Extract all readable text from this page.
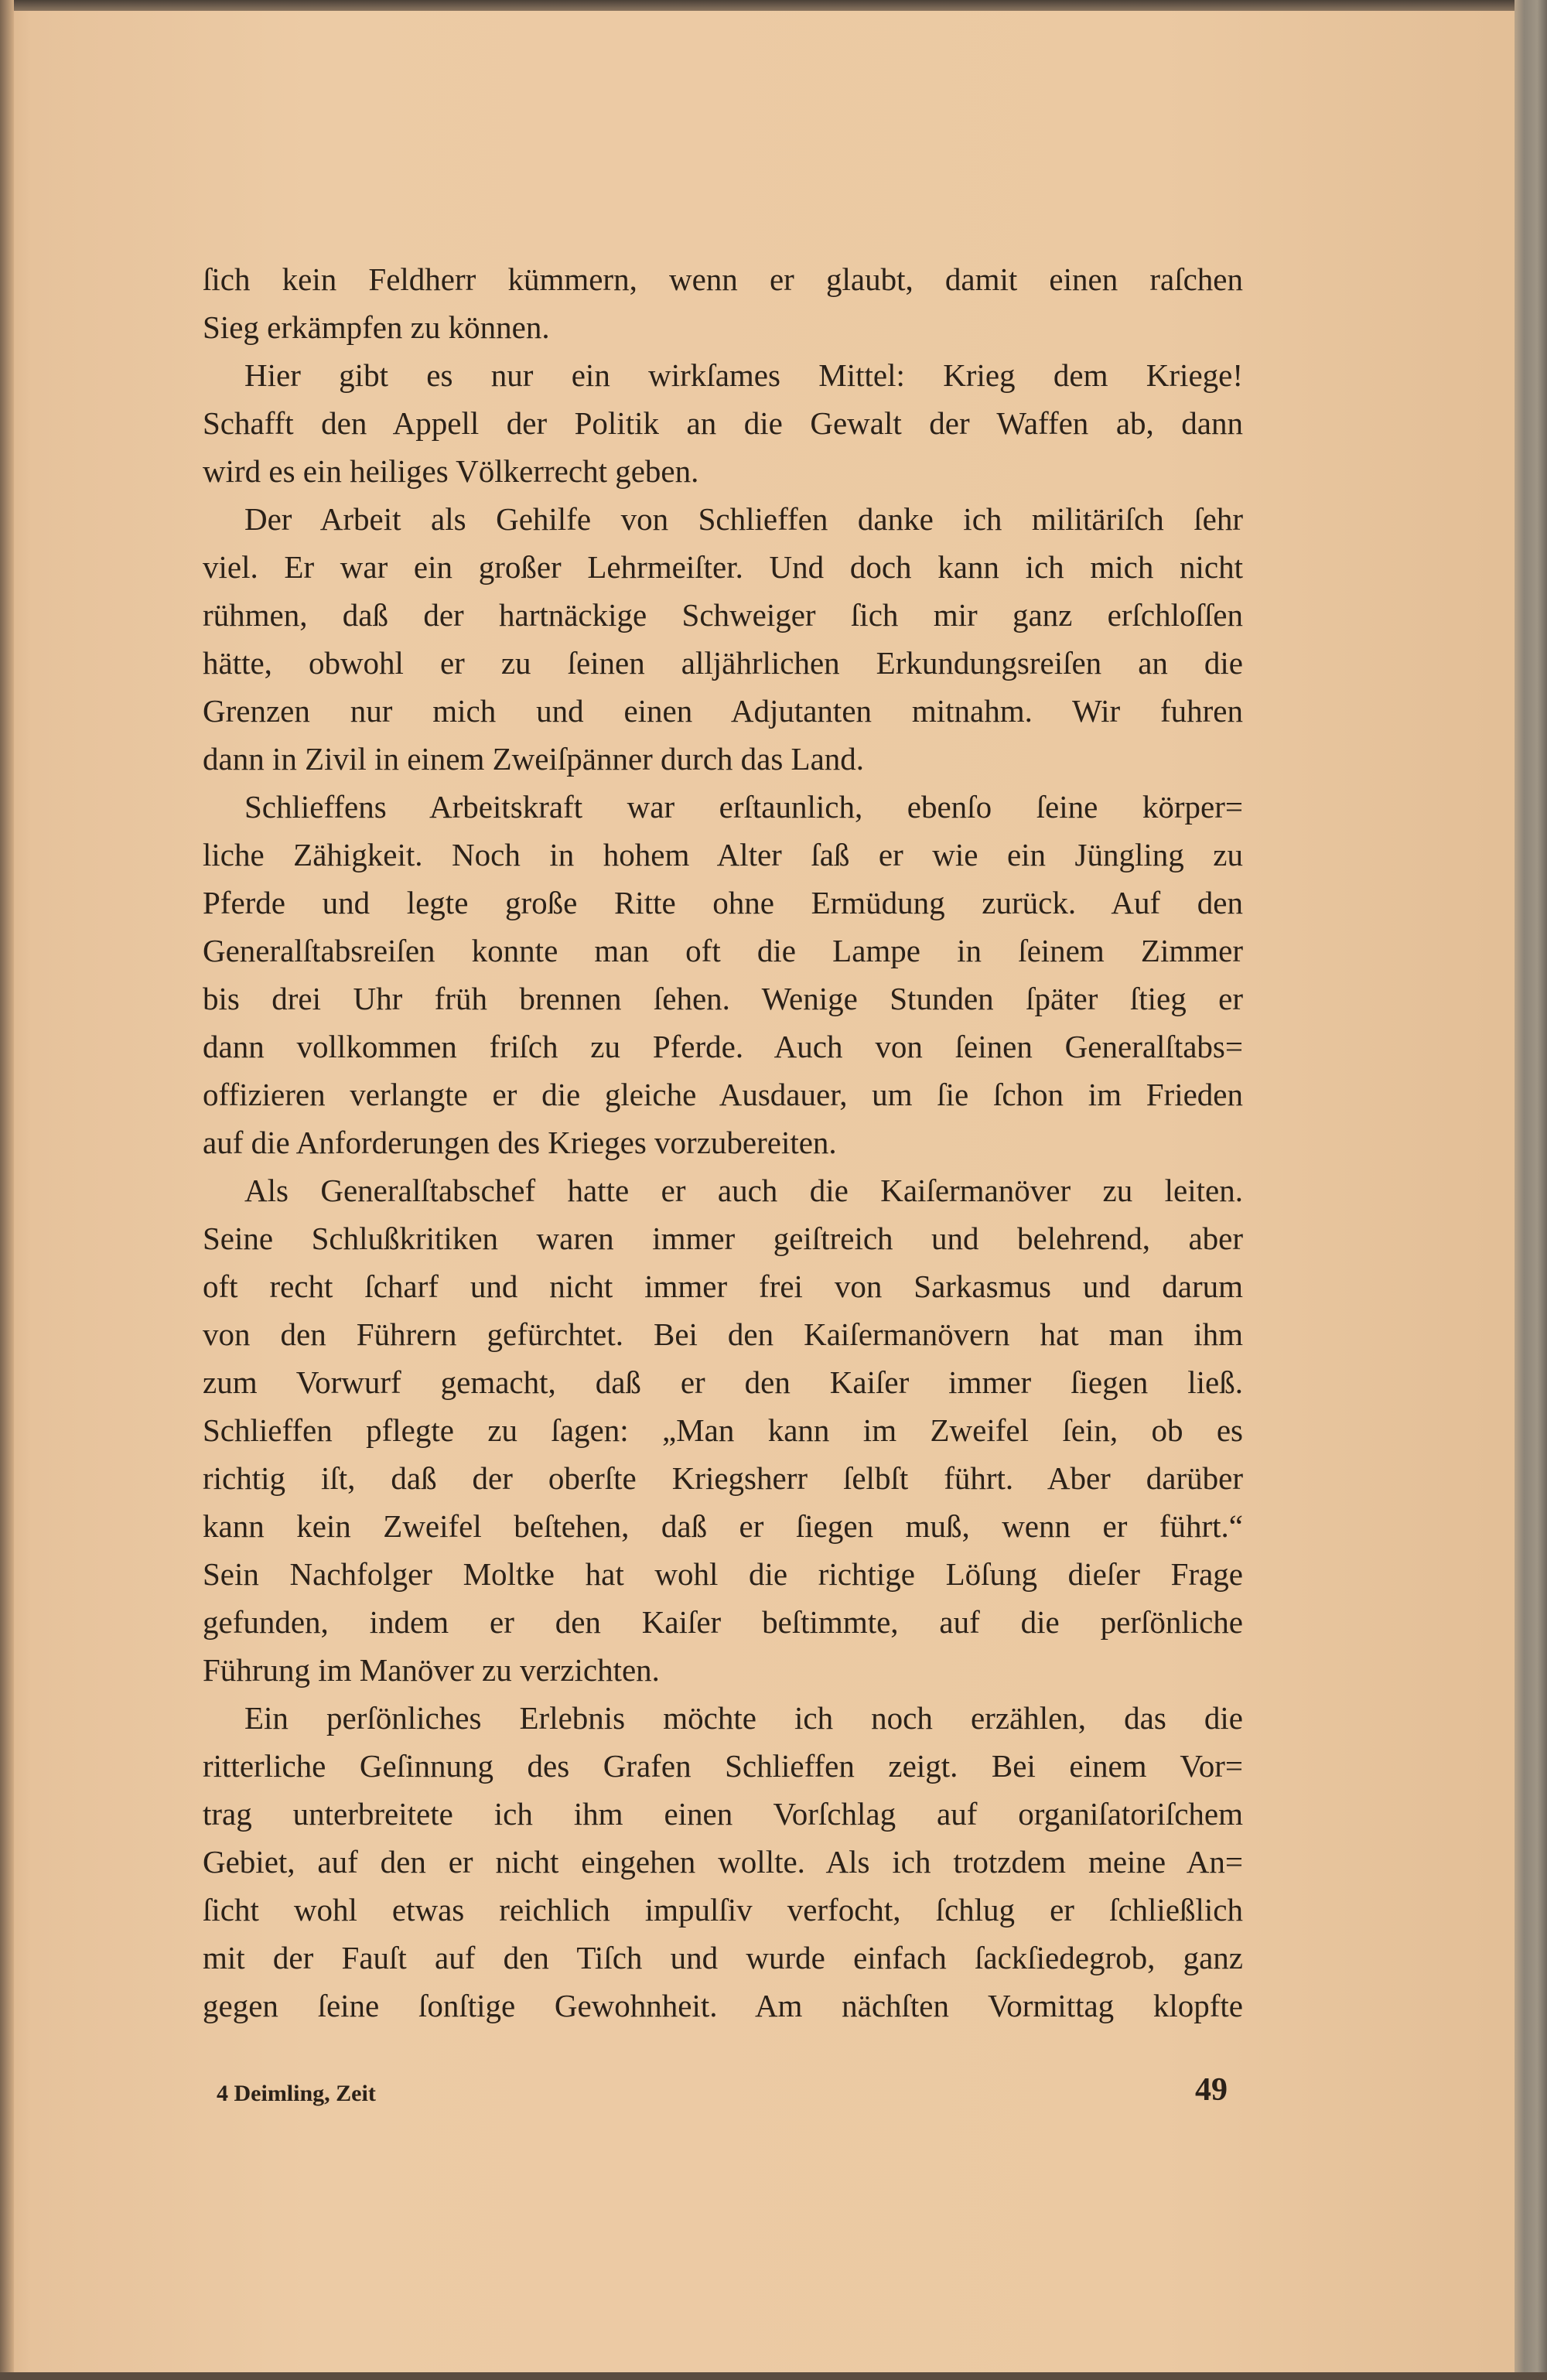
ſich kein Feldherr kümmern, wenn er glaubt, damit einen raſchen
Sieg erkämpfen zu können.
Hier gibt es nur ein wirkſames Mittel: Krieg dem Kriege!
Schafft den Appell der Politik an die Gewalt der Waffen ab, dann
wird es ein heiliges Völkerrecht geben.
Der Arbeit als Gehilfe von Schlieffen danke ich militäriſch ſehr
viel. Er war ein großer Lehrmeiſter. Und doch kann ich mich nicht
rühmen, daß der hartnäckige Schweiger ſich mir ganz erſchloſſen
hätte, obwohl er zu ſeinen alljährlichen Erkundungsreiſen an die
Grenzen nur mich und einen Adjutanten mitnahm. Wir fuhren
dann in Zivil in einem Zweiſpänner durch das Land.
Schlieffens Arbeitskraft war erſtaunlich, ebenſo ſeine körper=
liche Zähigkeit. Noch in hohem Alter ſaß er wie ein Jüngling zu
Pferde und legte große Ritte ohne Ermüdung zurück. Auf den
Generalſtabsreiſen konnte man oft die Lampe in ſeinem Zimmer
bis drei Uhr früh brennen ſehen. Wenige Stunden ſpäter ſtieg er
dann vollkommen friſch zu Pferde. Auch von ſeinen Generalſtabs=
offizieren verlangte er die gleiche Ausdauer, um ſie ſchon im Frieden
auf die Anforderungen des Krieges vorzubereiten.
Als Generalſtabschef hatte er auch die Kaiſermanöver zu leiten.
Seine Schlußkritiken waren immer geiſtreich und belehrend, aber
oft recht ſcharf und nicht immer frei von Sarkasmus und darum
von den Führern gefürchtet. Bei den Kaiſermanövern hat man ihm
zum Vorwurf gemacht, daß er den Kaiſer immer ſiegen ließ.
Schlieffen pflegte zu ſagen: „Man kann im Zweifel ſein, ob es
richtig iſt, daß der oberſte Kriegsherr ſelbſt führt. Aber darüber
kann kein Zweifel beſtehen, daß er ſiegen muß, wenn er führt.“
Sein Nachfolger Moltke hat wohl die richtige Löſung dieſer Frage
gefunden, indem er den Kaiſer beſtimmte, auf die perſönliche
Führung im Manöver zu verzichten.
Ein perſönliches Erlebnis möchte ich noch erzählen, das die
ritterliche Geſinnung des Grafen Schlieffen zeigt. Bei einem Vor=
trag unterbreitete ich ihm einen Vorſchlag auf organiſatoriſchem
Gebiet, auf den er nicht eingehen wollte. Als ich trotzdem meine An=
ſicht wohl etwas reichlich impulſiv verfocht, ſchlug er ſchließlich
mit der Fauſt auf den Tiſch und wurde einfach ſackſiedegrob, ganz
gegen ſeine ſonſtige Gewohnheit. Am nächſten Vormittag klopfte
4 Deimling, Zeit	49
